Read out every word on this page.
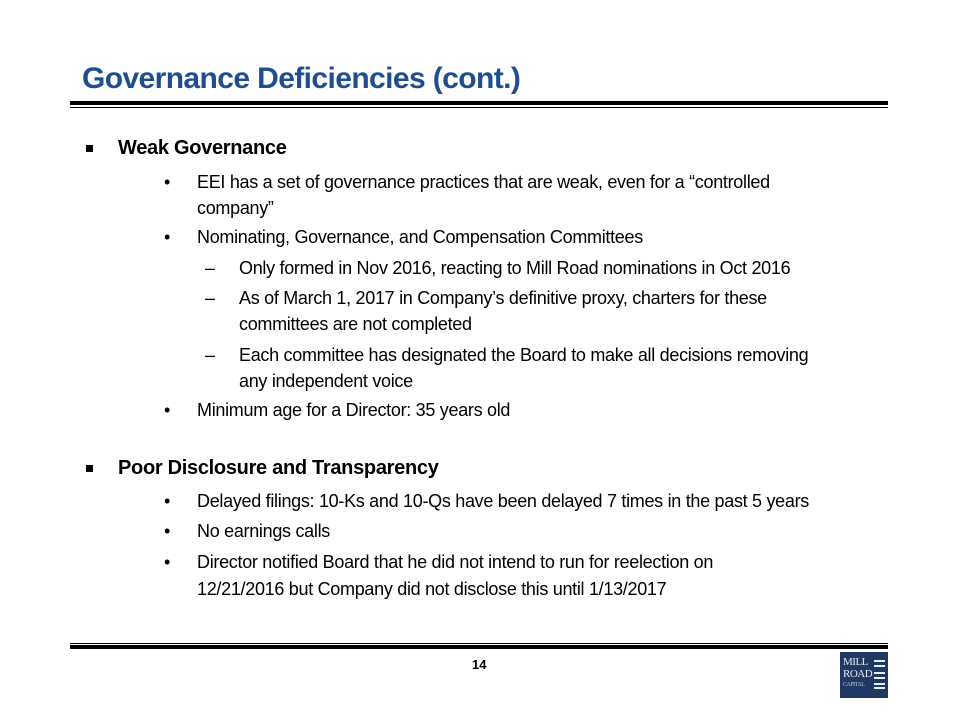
Governance Deficiencies (cont.)
Weak Governance
• EEI has a set of governance practices that are weak, even for a “controlled
company”
• Nominating, Governance, and Compensation Committees
– Only formed in Nov 2016, reacting to Mill Road nominations in Oct 2016
– As of March 1, 2017 in Company’s definitive proxy, charters for these
committees are not completed
– Each committee has designated the Board to make all decisions removing
any independent voice
• Minimum age for a Director: 35 years old
Poor Disclosure and Transparency
• Delayed filings: 10-Ks and 10-Qs have been delayed 7 times in the past 5 years
• No earnings calls
• Director notified Board that he did not intend to run for reelection on
12/21/2016 but Company did not disclose this until 1/13/2017
14	MILL
ROAD
CAPITAL
